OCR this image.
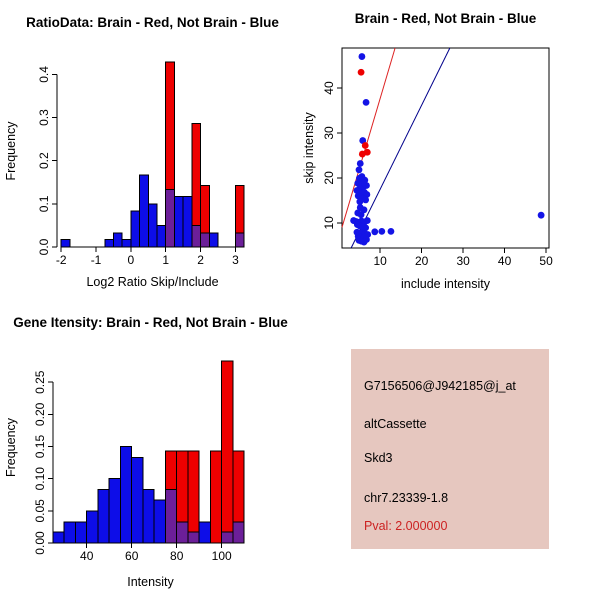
-2 -1 0 1 2 3
0.0
0.1
0.2
0.3
0.4
RatioData: Brain - Red, Not Brain - Blue
Log2 Ratio Skip/Include
Frequency
10 20 30 40 50
10
20
30
40
Brain - Red, Not Brain - Blue
include intensity
skip intensity
40	60	80 100
0.00
0.05
0.10
0.15
0.20
0.25
Gene Itensity: Brain - Red, Not Brain - Blue
Intensity
Frequency
G7156506@J942185@j_at
altCassette
Skd3
chr7.23339-1.8
Pval: 2.000000
